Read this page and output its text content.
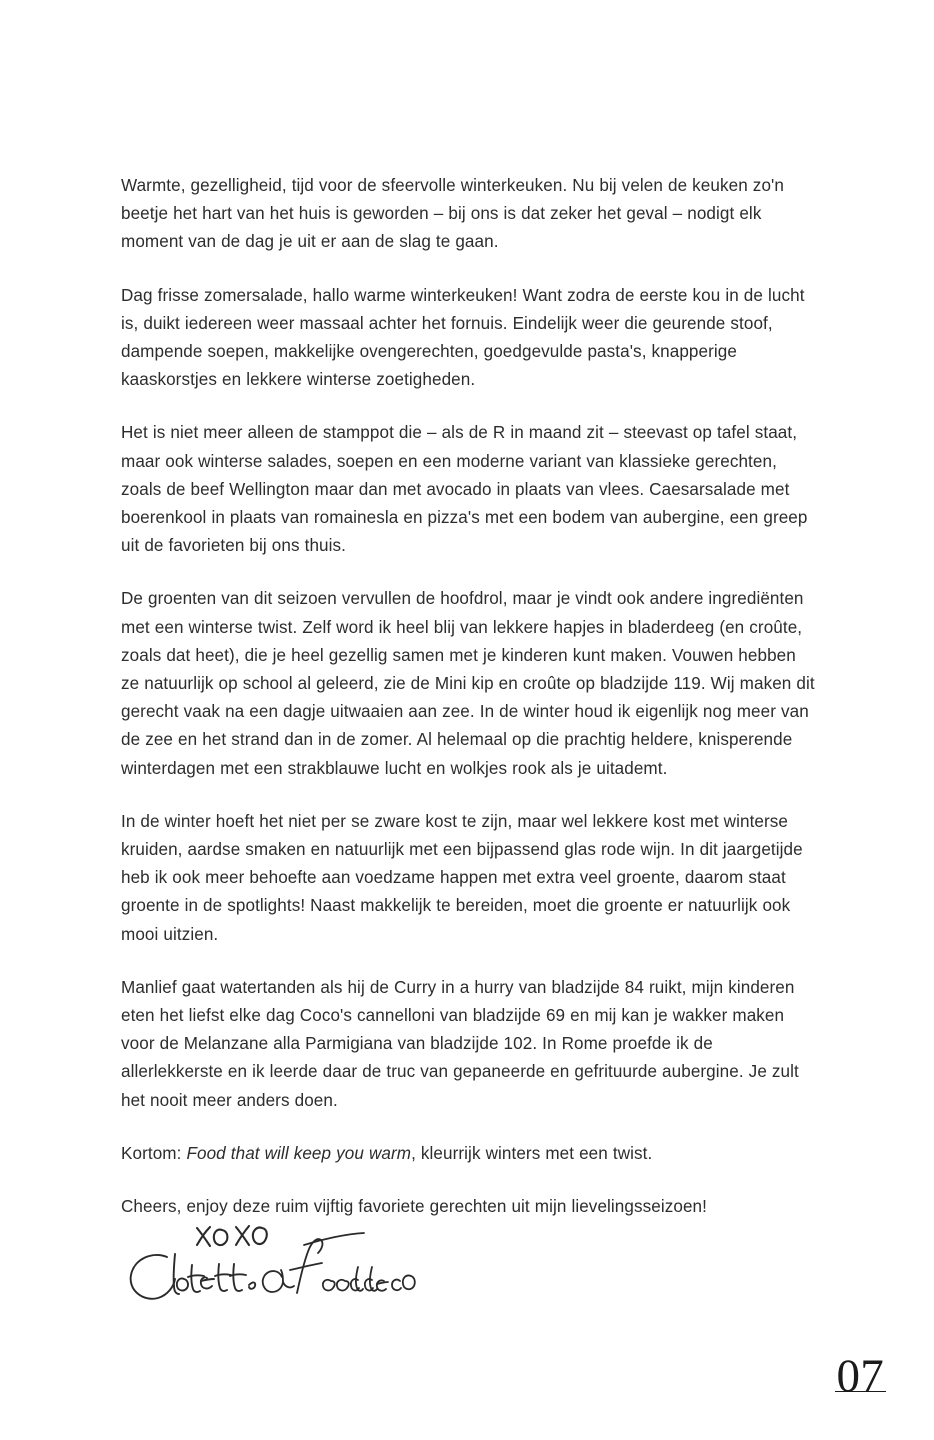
Warmte, gezelligheid, tijd voor de sfeervolle winterkeuken. Nu bij velen de keuken zo'n beetje het hart van het huis is geworden – bij ons is dat zeker het geval – nodigt elk moment van de dag je uit er aan de slag te gaan.

Dag frisse zomersalade, hallo warme winterkeuken! Want zodra de eerste kou in de lucht is, duikt iedereen weer massaal achter het fornuis. Eindelijk weer die geurende stoof, dampende soepen, makkelijke ovengerechten, goedgevulde pasta's, knapperige kaaskorstjes en lekkere winterse zoetigheden.

Het is niet meer alleen de stamppot die – als de R in maand zit – steevast op tafel staat, maar ook winterse salades, soepen en een moderne variant van klassieke gerechten, zoals de beef Wellington maar dan met avocado in plaats van vlees. Caesarsalade met boerenkool in plaats van romainesla en pizza's met een bodem van aubergine, een greep uit de favorieten bij ons thuis.

De groenten van dit seizoen vervullen de hoofdrol, maar je vindt ook andere ingrediënten met een winterse twist. Zelf word ik heel blij van lekkere hapjes in bladerdeeg (en croûte, zoals dat heet), die je heel gezellig samen met je kinderen kunt maken. Vouwen hebben ze natuurlijk op school al geleerd, zie de Mini kip en croûte op bladzijde 119. Wij maken dit gerecht vaak na een dagje uitwaaien aan zee. In de winter houd ik eigenlijk nog meer van de zee en het strand dan in de zomer. Al helemaal op die prachtig heldere, knisperende winterdagen met een strakblauwe lucht en wolkjes rook als je uitademt.

In de winter hoeft het niet per se zware kost te zijn, maar wel lekkere kost met winterse kruiden, aardse smaken en natuurlijk met een bijpassend glas rode wijn. In dit jaargetijde heb ik ook meer behoefte aan voedzame happen met extra veel groente, daarom staat groente in de spotlights! Naast makkelijk te bereiden, moet die groente er natuurlijk ook mooi uitzien.

Manlief gaat watertanden als hij de Curry in a hurry van bladzijde 84 ruikt, mijn kinderen eten het liefst elke dag Coco's cannelloni van bladzijde 69 en mij kan je wakker maken voor de Melanzane alla Parmigiana van bladzijde 102. In Rome proefde ik de allerlekkerste en ik leerde daar de truc van gepaneerde en gefrituurde aubergine. Je zult het nooit meer anders doen.

Kortom: Food that will keep you warm, kleurrijk winters met een twist.

Cheers, enjoy deze ruim vijftig favoriete gerechten uit mijn lievelingsseizoen!

07
